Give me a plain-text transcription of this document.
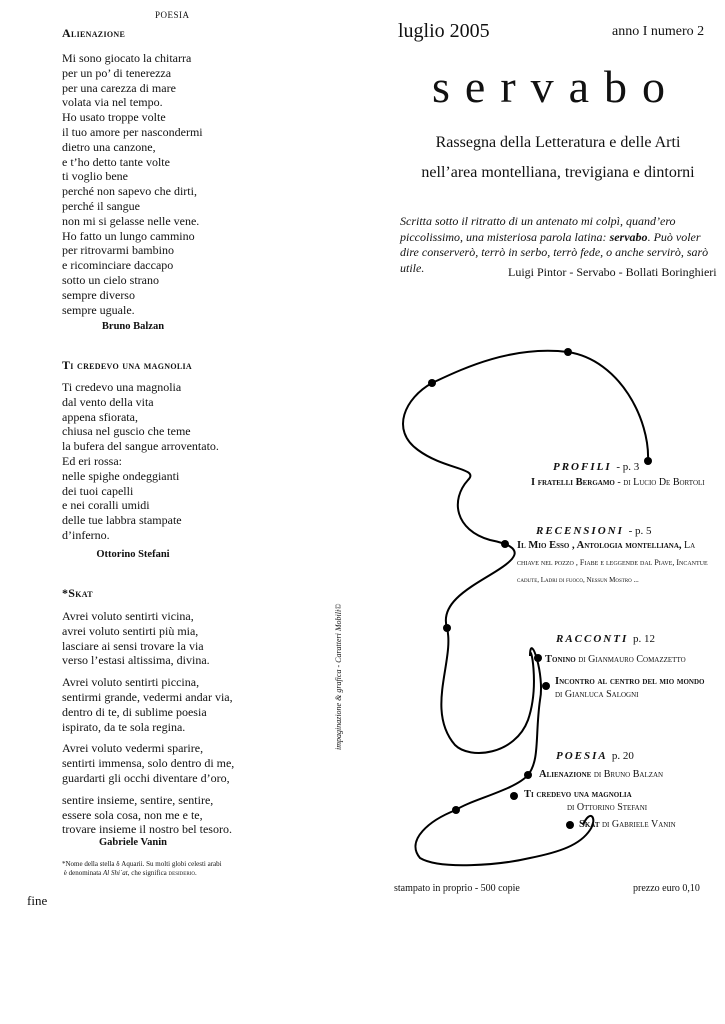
POESIA
Alienazione
Mi sono giocato la chitarra
per un po’ di tenerezza
per una carezza di mare
volata via nel tempo.
Ho usato troppe volte
il tuo amore per nascondermi
dietro una canzone,
e t’ho detto tante volte
ti voglio bene
perché non sapevo che dirti,
perché il sangue
non mi si gelasse nelle vene.
Ho fatto un lungo cammino
per ritrovarmi bambino
e ricominciare daccapo
sotto un cielo strano
sempre diverso
sempre uguale.
Bruno Balzan
Ti credevo una magnolia
Ti credevo una magnolia
dal vento della vita
appena sfiorata,
chiusa nel guscio che teme
la bufera del sangue arroventato.
Ed eri rossa:
nelle spighe ondeggianti
dei tuoi capelli
e nei coralli umidi
delle tue labbra stampate
d’inferno.
Ottorino Stefani
*Skat
Avrei voluto sentirti vicina,
avrei voluto sentirti più mia,
lasciare ai sensi trovare la via
verso l’estasi altissima, divina.
Avrei voluto sentirti piccina,
sentirmi grande, vedermi andar via,
dentro di te, di sublime poesia
ispirato, da te sola regina.
Avrei voluto vedermi sparire,
sentirti immensa, solo dentro di me,
guardarti gli occhi diventare d’oro,
sentire insieme, sentire, sentire,
essere sola cosa, non me e te,
trovare insieme il nostro bel tesoro.
Gabriele Vanin
*Nome della stella δ Aquarii. Su molti globi celesti arabi
è denominata Al Shi`at, che significa desiderio.
fine
impaginazione & grafica - Caratteri Mobili©
luglio 2005	anno I numero 2
servabo
Rassegna della Letteratura e delle Arti
nell’area montelliana, trevigiana e dintorni
Scritta sotto il ritratto di un antenato mi colpì, quand’ero piccolissimo, una misteriosa parola latina: servabo. Può voler dire conserverò, terrò in serbo, terrò fede, o anche servirò, sarò utile.	Luigi Pintor - Servabo - Bollati Boringhieri
PROFILI - p. 3
I fratelli Bergamo - di Lucio De Bortoli
RECENSIONI - p. 5
Il Mio Esso , Antologia montelliana, La
chiave nel pozzo , Fiabe e leggende dal Piave, Incantue
cadute, Ladri di fuoco, Nessun Mostro ...
RACCONTI p. 12
Tonino di Gianmauro Comazzetto
Incontro al centro del mio mondo
di Gianluca Salogni
POESIA p. 20
Alienazione di Bruno Balzan
Ti credevo una magnolia
di Ottorino Stefani
Skat di Gabriele Vanin
stampato in proprio - 500 copie	prezzo euro 0,10
